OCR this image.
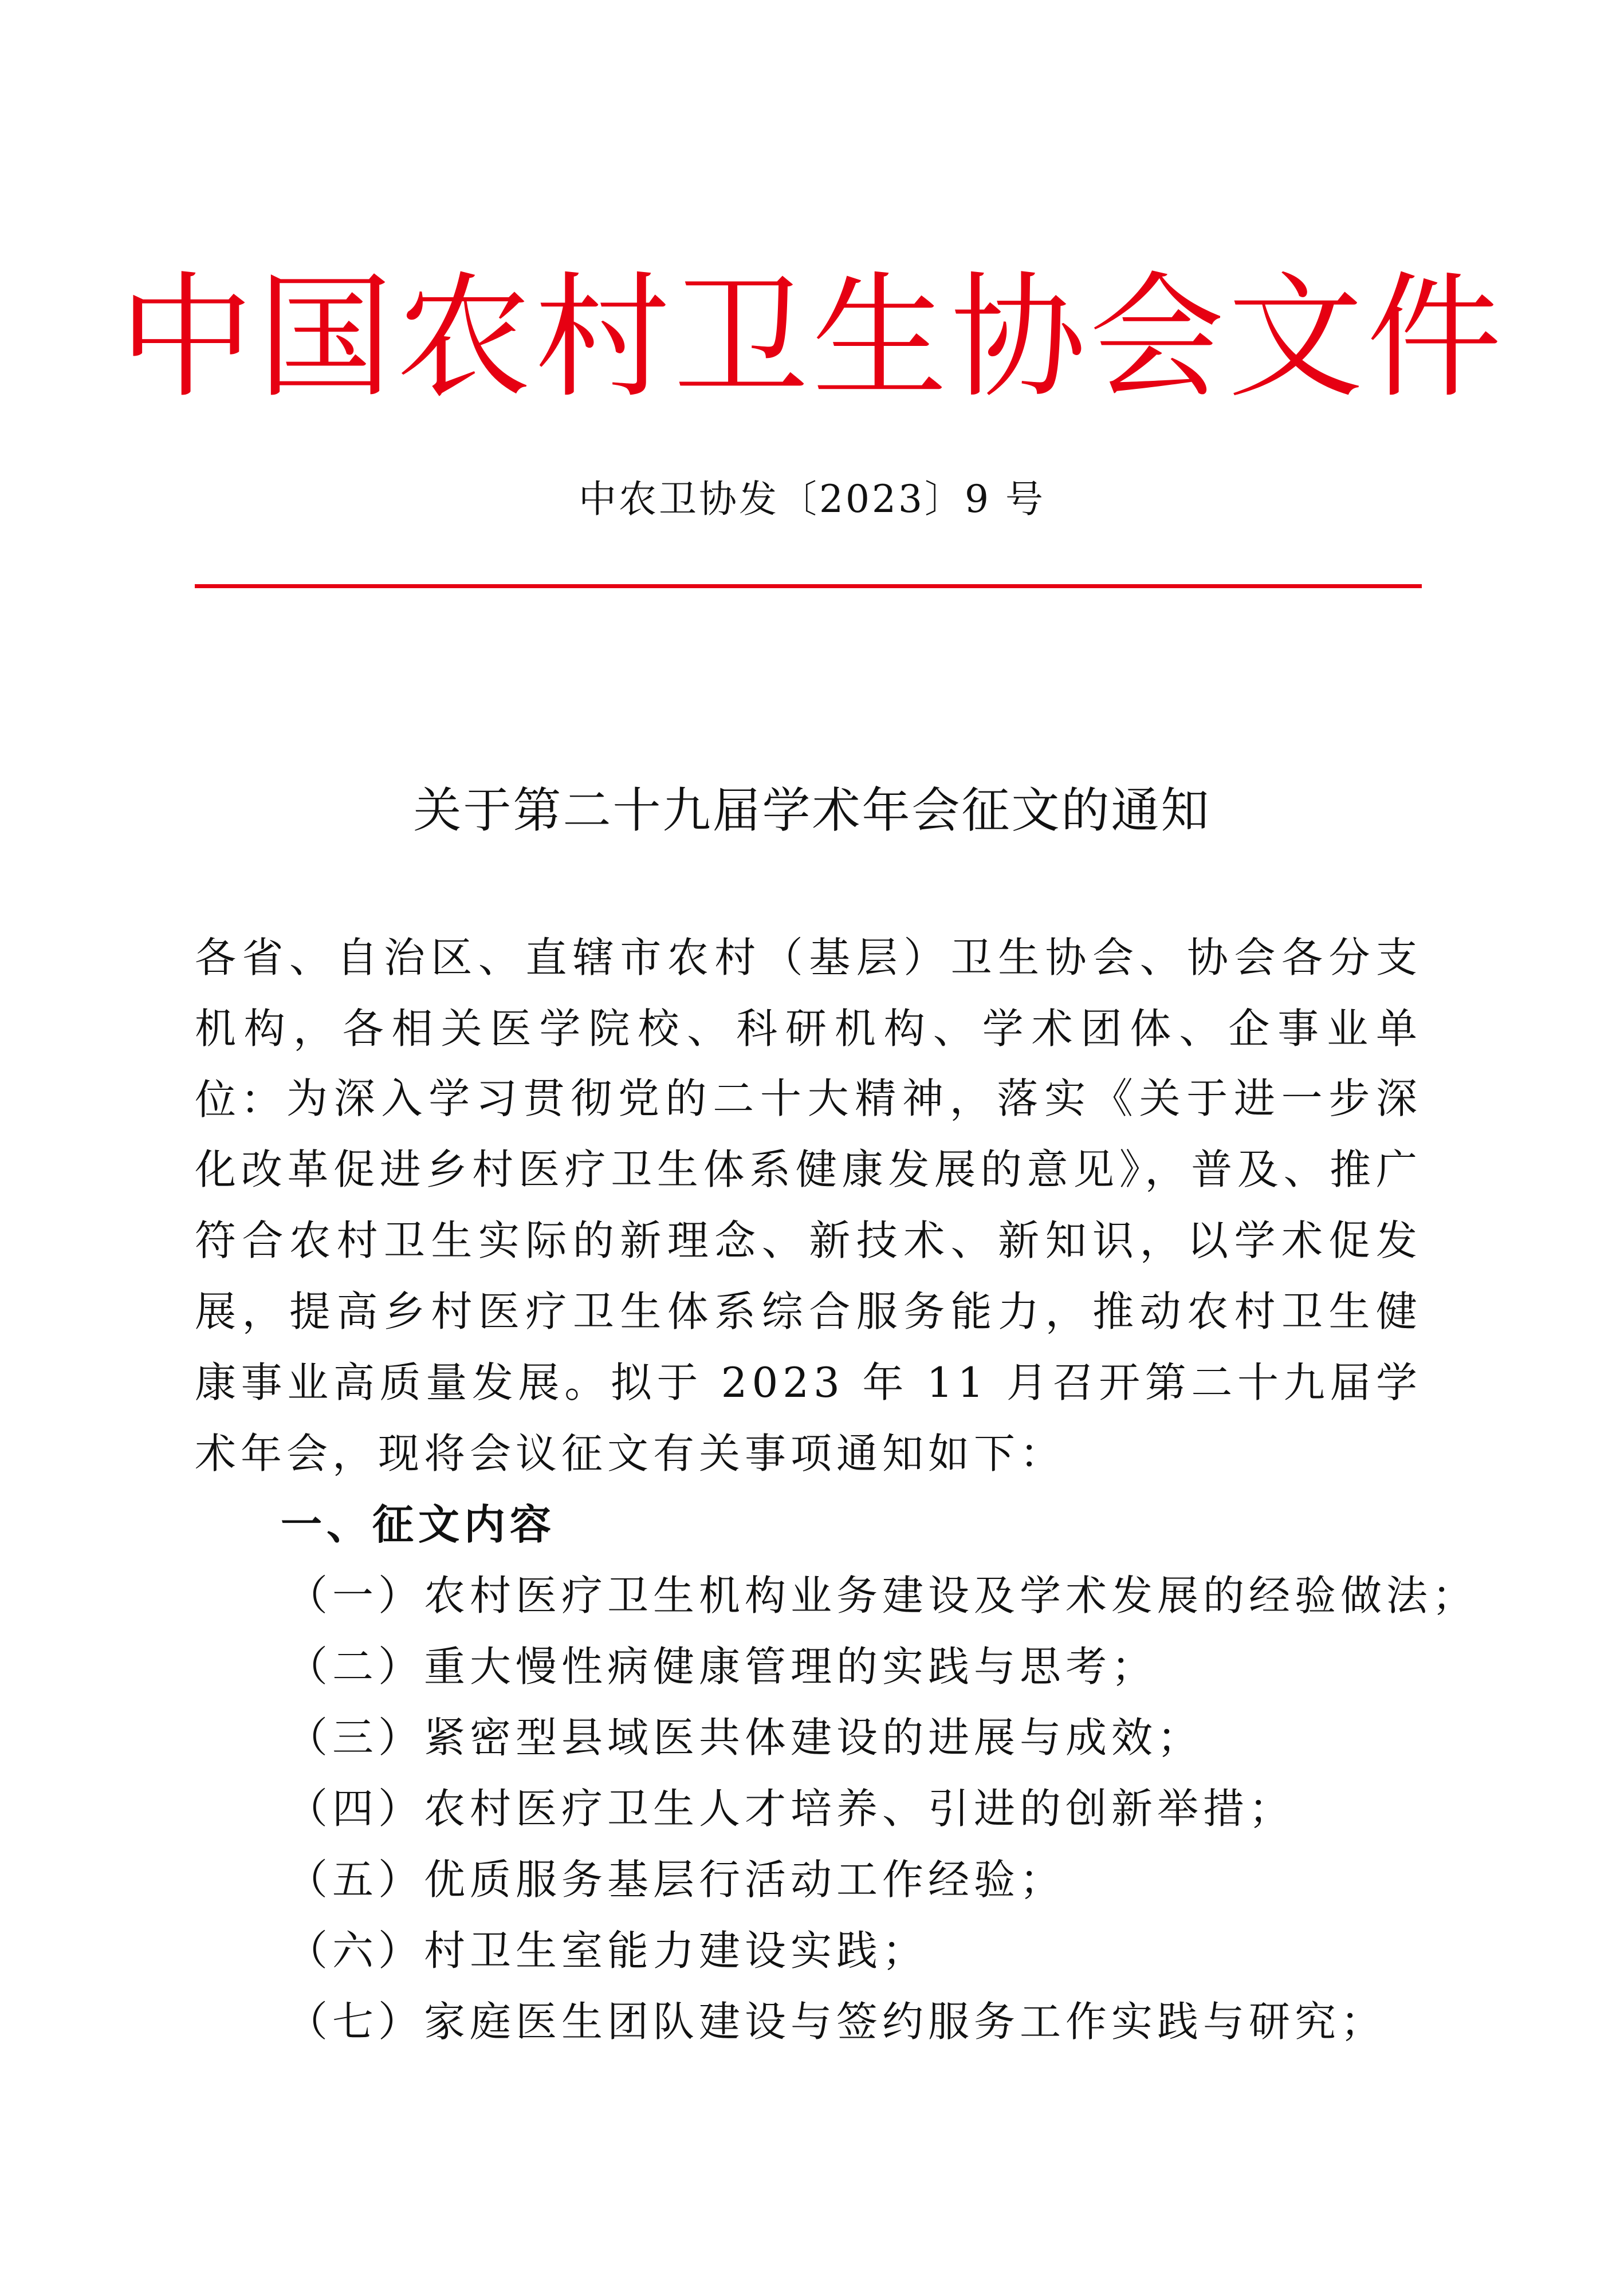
中国农村卫生协会文件
中农卫协发〔2023〕9 号
关于第二十九届学术年会征文的通知
各省、自治区、直辖市农村（基层）卫生协会、协会各分支机构，各相关医学院校、科研机构、学术团体、企事业单位： 为深入学习贯彻党的二十大精神，落实《关于进一步深化改革促进乡村医疗卫生体系健康发展的意见》，普及、推广符合农村卫生实际的新理念、新技术、新知识，以学术促发展，提高乡村医疗卫生体系综合服务能力，推动农村卫生健康事业高质量发展。拟于 2023 年 11 月召开第二十九届学术年会，现将会议征文有关事项通知如下：
一、征文内容
（一）农村医疗卫生机构业务建设及学术发展的经验做法；
（二）重大慢性病健康管理的实践与思考；
（三）紧密型县域医共体建设的进展与成效；
（四）农村医疗卫生人才培养、引进的创新举措；
（五）优质服务基层行活动工作经验；
（六）村卫生室能力建设实践；
（七）家庭医生团队建设与签约服务工作实践与研究；
